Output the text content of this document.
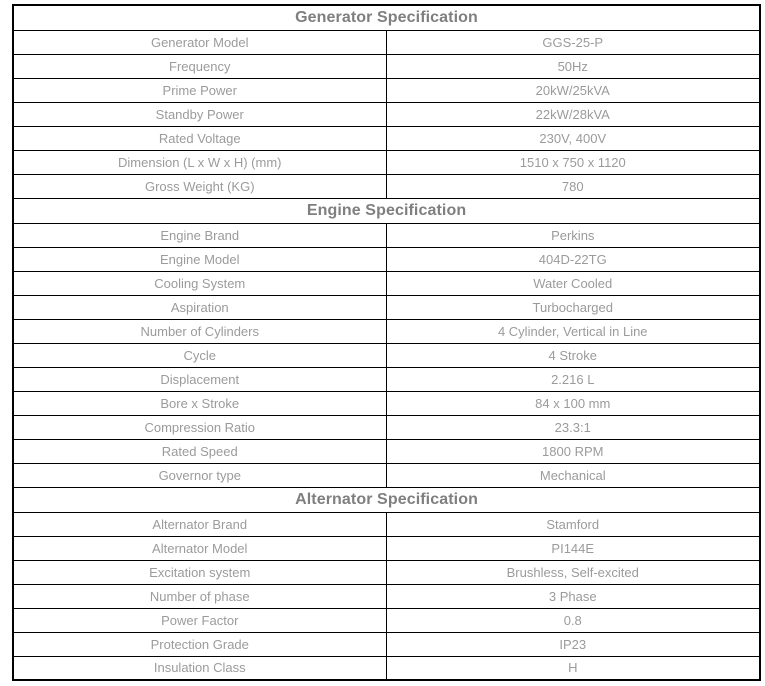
Generator Specification	
Generator Model	GGS-25-P
Frequency	50Hz
Prime Power	20kW/25kVA
Standby Power	22kW/28kVA
Rated Voltage	230V, 400V
Dimension (L x W x H) (mm)	1510 x 750 x 1120
Gross Weight (KG)	780
Engine Specification	
Engine Brand	Perkins
Engine Model	404D-22TG
Cooling System	Water Cooled
Aspiration	Turbocharged
Number of Cylinders	4 Cylinder, Vertical in Line
Cycle	4 Stroke
Displacement	2.216 L
Bore x Stroke	84 x 100 mm
Compression Ratio	23.3:1
Rated Speed	1800 RPM
Governor type	Mechanical
Alternator Specification	
Alternator Brand	Stamford
Alternator Model	PI144E
Excitation system	Brushless, Self-excited
Number of phase	3 Phase
Power Factor	0.8
Protection Grade	IP23
Insulation Class	H
